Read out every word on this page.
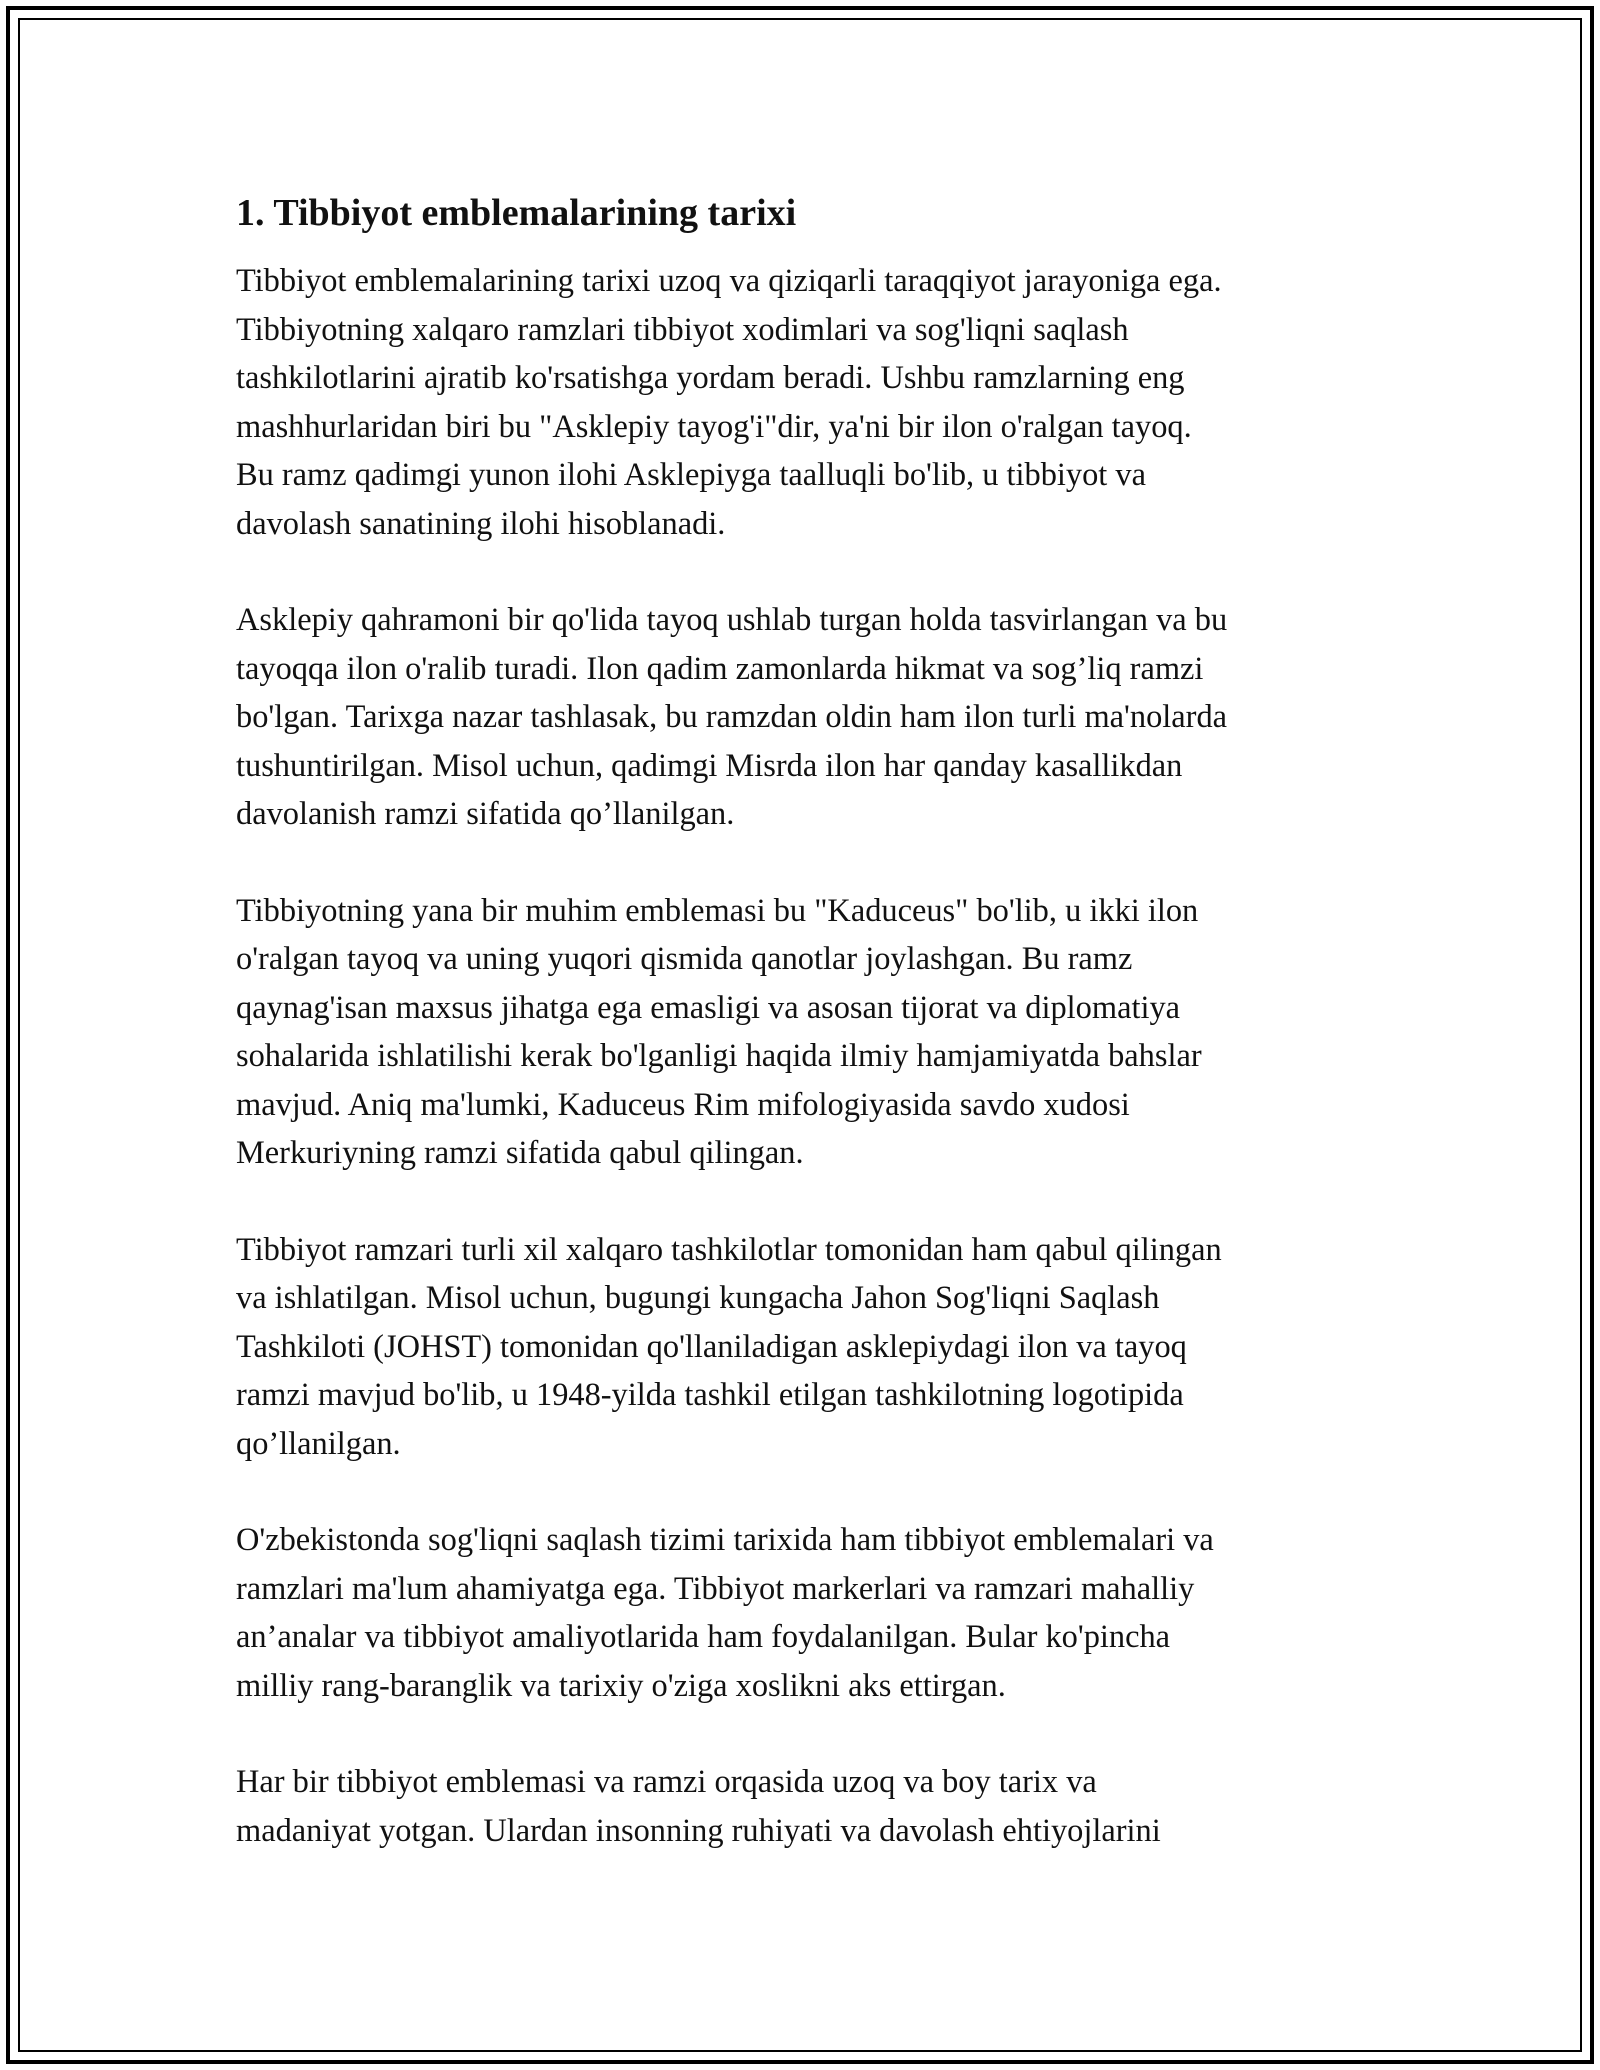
1. Tibbiyot emblemalarining tarixi
Tibbiyot emblemalarining tarixi uzoq va qiziqarli taraqqiyot jarayoniga ega.
Tibbiyotning xalqaro ramzlari tibbiyot xodimlari va sog'liqni saqlash
tashkilotlarini ajratib ko'rsatishga yordam beradi. Ushbu ramzlarning eng
mashhurlaridan biri bu "Asklepiy tayog'i"dir, ya'ni bir ilon o'ralgan tayoq.
Bu ramz qadimgi yunon ilohi Asklepiyga taalluqli bo'lib, u tibbiyot va
davolash sanatining ilohi hisoblanadi.
Asklepiy qahramoni bir qo'lida tayoq ushlab turgan holda tasvirlangan va bu
tayoqqa ilon o'ralib turadi. Ilon qadim zamonlarda hikmat va sog’liq ramzi
bo'lgan. Tarixga nazar tashlasak, bu ramzdan oldin ham ilon turli ma'nolarda
tushuntirilgan. Misol uchun, qadimgi Misrda ilon har qanday kasallikdan
davolanish ramzi sifatida qo’llanilgan.
Tibbiyotning yana bir muhim emblemasi bu "Kaduceus" bo'lib, u ikki ilon
o'ralgan tayoq va uning yuqori qismida qanotlar joylashgan. Bu ramz
qaynag'isan maxsus jihatga ega emasligi va asosan tijorat va diplomatiya
sohalarida ishlatilishi kerak bo'lganligi haqida ilmiy hamjamiyatda bahslar
mavjud. Aniq ma'lumki, Kaduceus Rim mifologiyasida savdo xudosi
Merkuriyning ramzi sifatida qabul qilingan.
Tibbiyot ramzari turli xil xalqaro tashkilotlar tomonidan ham qabul qilingan
va ishlatilgan. Misol uchun, bugungi kungacha Jahon Sog'liqni Saqlash
Tashkiloti (JOHST) tomonidan qo'llaniladigan asklepiydagi ilon va tayoq
ramzi mavjud bo'lib, u 1948-yilda tashkil etilgan tashkilotning logotipida
qo’llanilgan.
O'zbekistonda sog'liqni saqlash tizimi tarixida ham tibbiyot emblemalari va
ramzlari ma'lum ahamiyatga ega. Tibbiyot markerlari va ramzari mahalliy
an’analar va tibbiyot amaliyotlarida ham foydalanilgan. Bular ko'pincha
milliy rang-baranglik va tarixiy o'ziga xoslikni aks ettirgan.
Har bir tibbiyot emblemasi va ramzi orqasida uzoq va boy tarix va
madaniyat yotgan. Ulardan insonning ruhiyati va davolash ehtiyojlarini
